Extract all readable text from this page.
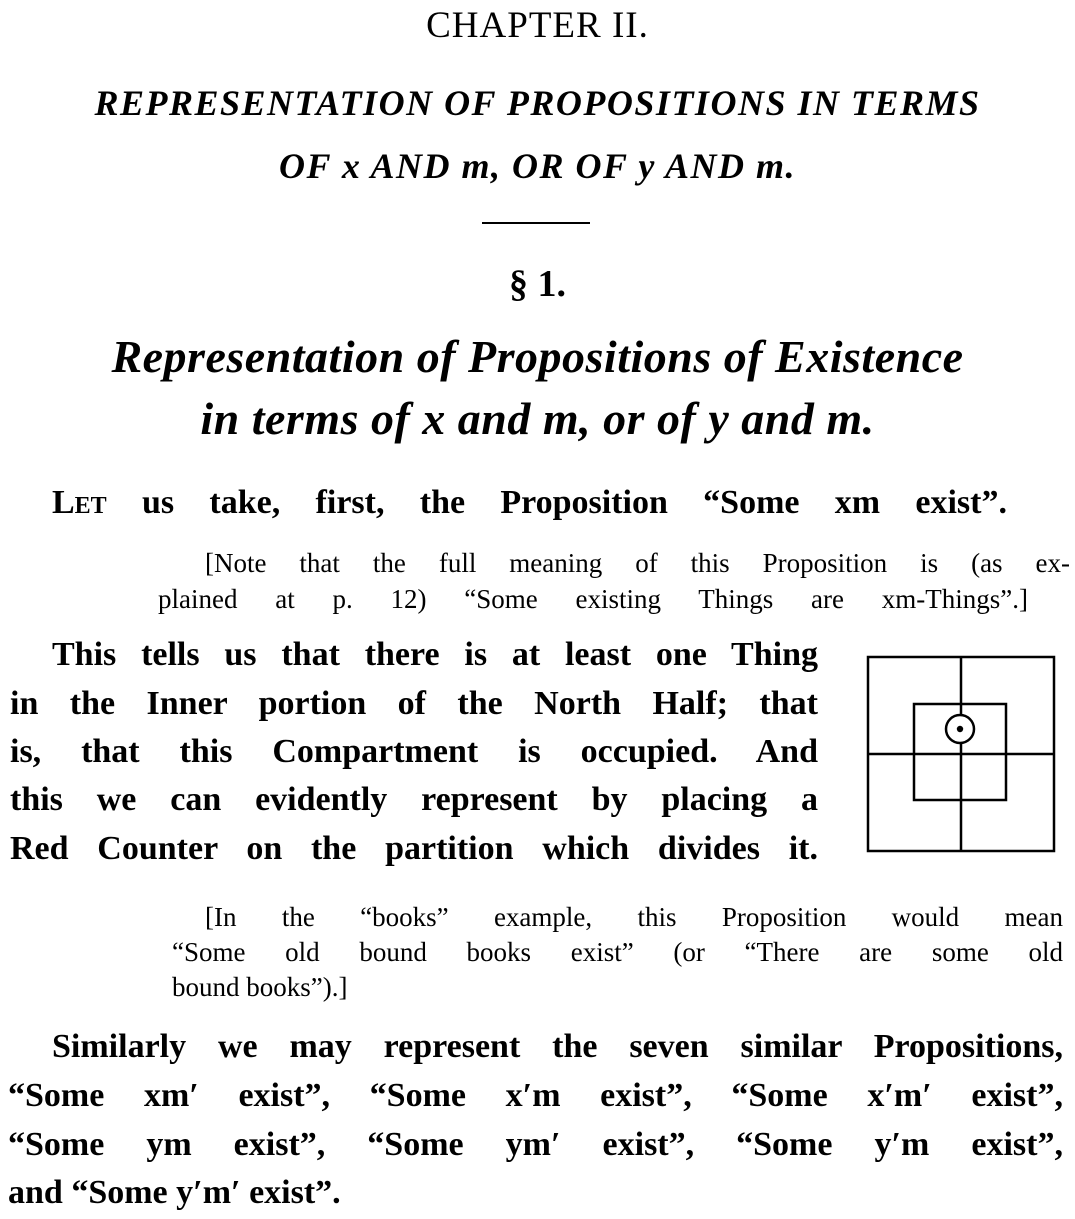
CHAPTER II.
REPRESENTATION OF PROPOSITIONS IN TERMS
OF x AND m, OR OF y AND m.
§ 1.
Representation of Propositions of Existence
in terms of x and m, or of y and m.
Let us take, first, the Proposition “Some xm exist”.
[Note that the full meaning of this Proposition is (as ex-
plained at p. 12) “Some existing Things are xm-Things”.]
This tells us that there is at least one Thing
in the Inner portion of the North Half; that
is, that this Compartment is occupied. And
this we can evidently represent by placing a
Red Counter on the partition which divides it.
[In the “books” example, this Proposition would mean
“Some old bound books exist” (or “There are some old
bound books”).]
Similarly we may represent the seven similar Propositions,
“Some xm′ exist”, “Some x′m exist”, “Some x′m′ exist”,
“Some ym exist”, “Some ym′ exist”, “Some y′m exist”,
and “Some y′m′ exist”.
